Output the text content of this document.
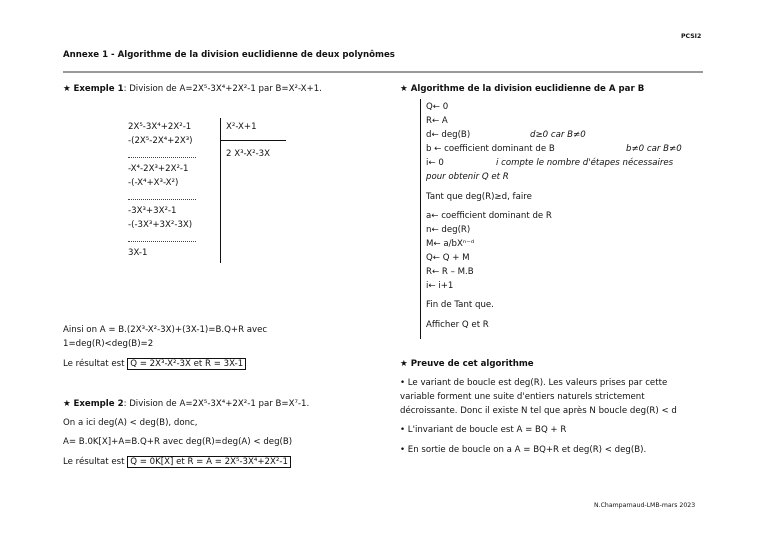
PCSI2
Annexe 1 - Algorithme de la division euclidienne de deux polynômes
★ Exemple 1: Division de A=2X⁵-3X⁴+2X²-1 par B=X²-X+1.
2X⁵-3X⁴+2X²-1
-(2X⁵-2X⁴+2X³)
-X⁴-2X³+2X²-1
-(-X⁴+X³-X²)
-3X³+3X²-1
-(-3X³+3X²-3X)
3X-1
X²-X+1
2 X³-X²-3X
Ainsi on A = B.(2X³-X²-3X)+(3X-1)=B.Q+R avec
1=deg(R)<deg(B)=2
Le résultat est Q = 2X³-X²-3X et R = 3X-1
★ Exemple 2: Division de A=2X⁵-3X⁴+2X²-1 par B=X⁷-1.
On a ici deg(A) < deg(B), donc,
A= B.0K[X]+A=B.Q+R avec deg(R)=deg(A) < deg(B)
Le résultat est Q = 0K[X] et R = A = 2X⁵-3X⁴+2X²-1
★ Algorithme de la division euclidienne de A par B
Q← 0
R← A
d← deg(B)	d≥0 car B≠0
b ← coefficient dominant de B	b≠0 car B≠0
i← 0	i compte le nombre d'étapes nécessaires
pour obtenir Q et R
Tant que deg(R)≥d, faire
a← coefficient dominant de R
n← deg(R)
M← a/bXⁿ⁻ᵈ
Q← Q + M
R← R – M.B
i← i+1
Fin de Tant que.
Afficher Q et R
★ Preuve de cet algorithme
• Le variant de boucle est deg(R). Les valeurs prises par cette
variable forment une suite d'entiers naturels strictement
décroissante. Donc il existe N tel que après N boucle deg(R) < d
• L'invariant de boucle est A = BQ + R
• En sortie de boucle on a A = BQ+R et deg(R) < deg(B).
N.Champarnaud-LMB-mars 2023
